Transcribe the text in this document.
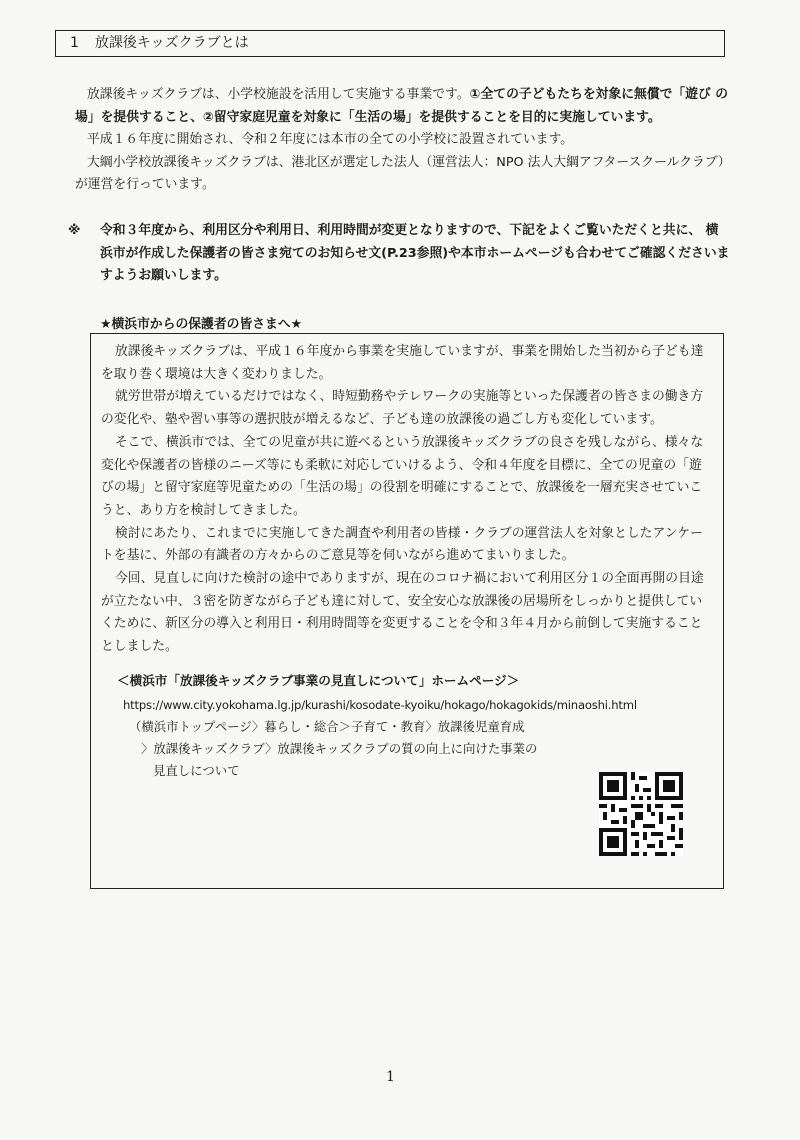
1 放課後キッズクラブとは

放課後キッズクラブは、小学校施設を活用して実施する事業です。①全ての子どもたちを対象に無償で「遊び の場」を提供すること、②留守家庭児童を対象に「生活の場」を提供することを目的に実施しています。

平成１６年度に開始され、令和２年度には本市の全ての小学校に設置されています。

大綱小学校放課後キッズクラブは、港北区が選定した法人（運営法人：NPO 法人大綱アフタースクールクラブ）が運営を行っています。

※	令和３年度から、利用区分や利用日、利用時間が変更となりますので、下記をよくご覧いただくと共に、 横浜市が作成した保護者の皆さま宛てのお知らせ文(P.23参照)や本市ホームページも合わせてご確認くださいますようお願いします。
★横浜市からの保護者の皆さまへ★

放課後キッズクラブは、平成１６年度から事業を実施していますが、事業を開始した当初から子ども達を取り巻く環境は大きく変わりました。

就労世帯が増えているだけではなく、時短勤務やテレワークの実施等といった保護者の皆さまの働き方の変化や、塾や習い事等の選択肢が増えるなど、子ども達の放課後の過ごし方も変化しています。

そこで、横浜市では、全ての児童が共に遊べるという放課後キッズクラブの良さを残しながら、様々な変化や保護者の皆様のニーズ等にも柔軟に対応していけるよう、令和４年度を目標に、全ての児童の「遊びの場」と留守家庭等児童ための「生活の場」の役割を明確にすることで、放課後を一層充実させていこうと、あり方を検討してきました。

検討にあたり、これまでに実施してきた調査や利用者の皆様・クラブの運営法人を対象としたアンケートを基に、外部の有識者の方々からのご意見等を伺いながら進めてまいりました。

今回、見直しに向けた検討の途中でありますが、現在のコロナ禍において利用区分１の全面再開の目途が立たない中、３密を防ぎながら子ども達に対して、安全安心な放課後の居場所をしっかりと提供していくために、新区分の導入と利用日・利用時間等を変更することを令和３年４月から前倒して実施することとしました。

＜横浜市「放課後キッズクラブ事業の見直しについて」ホームページ＞
https://www.city.yokohama.lg.jp/kurashi/kosodate-kyoiku/hokago/hokagokids/minaoshi.html
（横浜市トップページ〉暮らし・総合＞子育て・教育〉放課後児童育成
〉放課後キッズクラブ〉放課後キッズクラブの質の向上に向けた事業の
見直しについて
1
